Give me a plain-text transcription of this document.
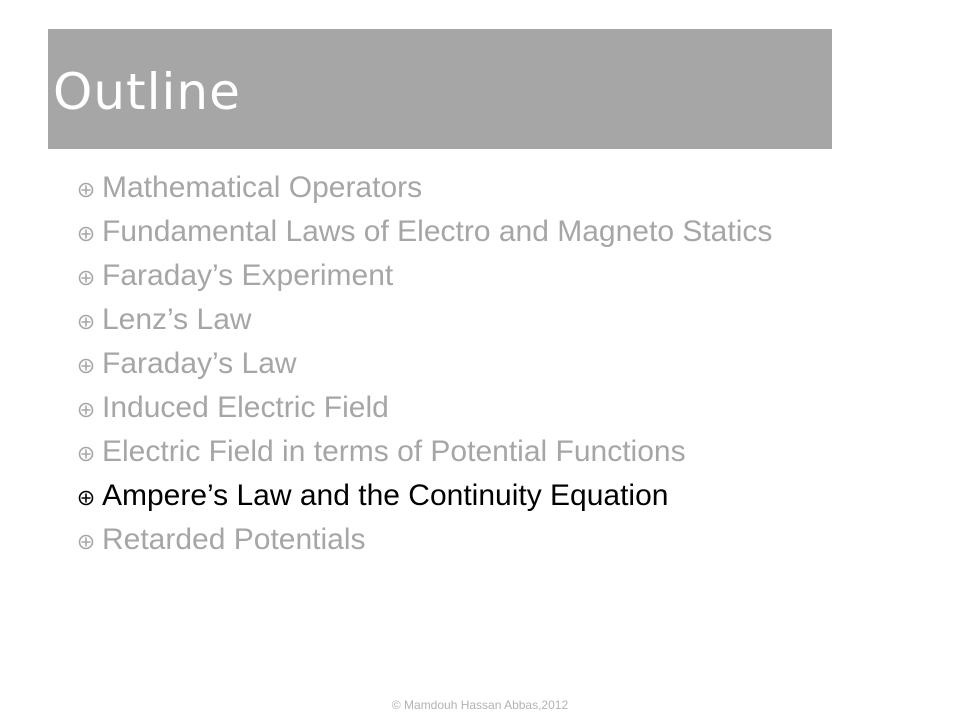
Outline
Mathematical Operators
Fundamental Laws of Electro and Magneto Statics
Faraday’s Experiment
Lenz’s Law
Faraday’s Law
Induced Electric Field
Electric Field in terms of Potential Functions
Ampere’s Law and the Continuity Equation
Retarded Potentials
© Mamdouh Hassan Abbas,2012
